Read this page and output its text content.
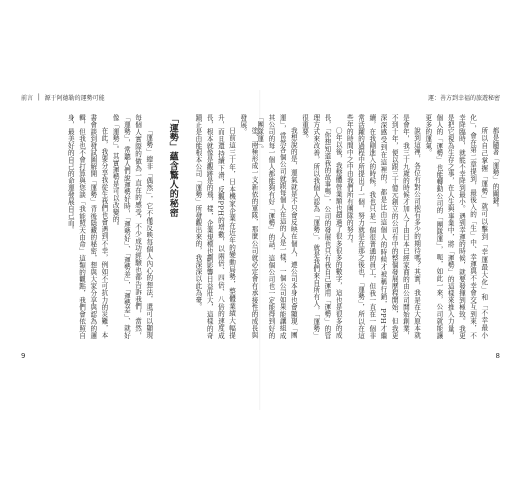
前言 │ 源于阿德勒的運勢可能

塗、兩極形成一支新依的軍隊，那麼公司就必定會有承接性的成長與發展。

日前這三十年，日本機家企業在近年的變動局勢，整體業績大幅提升，而且還持續下滑，反觀PPH的增數，以兩倍、四倍、八倍的速度成長，根本就像是觀跡是的飛，樣，企業規模也劃影響日益壯大，這樣的奇蹟正是由能根本公司「運勢」所發觀出來的，我深深以此為豪。

「運勢」蘊含驚人的秘密

「運勢」總非「偶然」，它不僅反映每個人內心的想法，還可以顯現每個人實際的做為一直在的感受，不少成功經驗也都告訴我們，當然，「運勢」，常聽人們說運勢好時，「運勢好」、「運勢差」，「運勢差」、就好像「運勢」。其實運勢是可以改變的。

在此，我要分享我從生我們也會遇到不幸，例如不可抗力的災難，本書會談到發試圖解開「運勢」背後隱藏的秘密，想與大家分享與認為的邏輯，但我也不會打算與您談「我能照天由命」這類的觀點，我們會依照自身，最美好的自己的命運發展自己而。

9
運：善方到幸福的旅遊秘密

都是隨著「運勢」的關鍵。

所以自己掌握「運勢」就可以擊到「幸運最大化」和「不幸最小化」，會在第二章提到，最後入的「生」中、幸運與不幸會交互到來，不幸降臨時，就能不幸降到最小。遇到幸運的時候，就要發揮到極致。我更是把它視為生存之事，在人生與事業中，將「運勢」的這樣來推入力量，個人的「運勢」也能轉動公司的「團隊運」，呃，如此一來，公司就能讓更多的運氣。

說到這裡，各位有對公司抱有多少的期待嗎？其實，我是在大原本就是會年，我三十九歲的時候才加入了由日本已經家商的由公司開始創業，不到十年，便以跟三十億元創立的公司有中的整個發展歷程開始，但我更深深感受到在這裡的，都是比由這個人的時候才被稱行銷，PPH才繼續，在我剛進入的時候，我也只是一個很普通的員工，但我一直在一個非常活躍的過程中所提出了一個，努力就是在那之後也，「運勢」，所以在這些年的時間中之中由我們所有團隊的努力。

〇年以後，我整體營業額也超過了很多很多的數字，這也是很多的成長，「你想知道我的故事嗎」，公司的發展也只有我自己運用「運勢」的管理方式來改善，所以我個人認為「運勢」，就是我們來自所有人，「運勢」很重要。

我想說的是，運氣就是不只會反映在個人，連公司本身也會顯現「團運」，當然各個公司就跟每個人在這的人是一樣，一個公司如果能讓組成其公司的每一個人都能夠有好「運勢」的話，這個公司也一定能得到好的「團隊運」。

8
